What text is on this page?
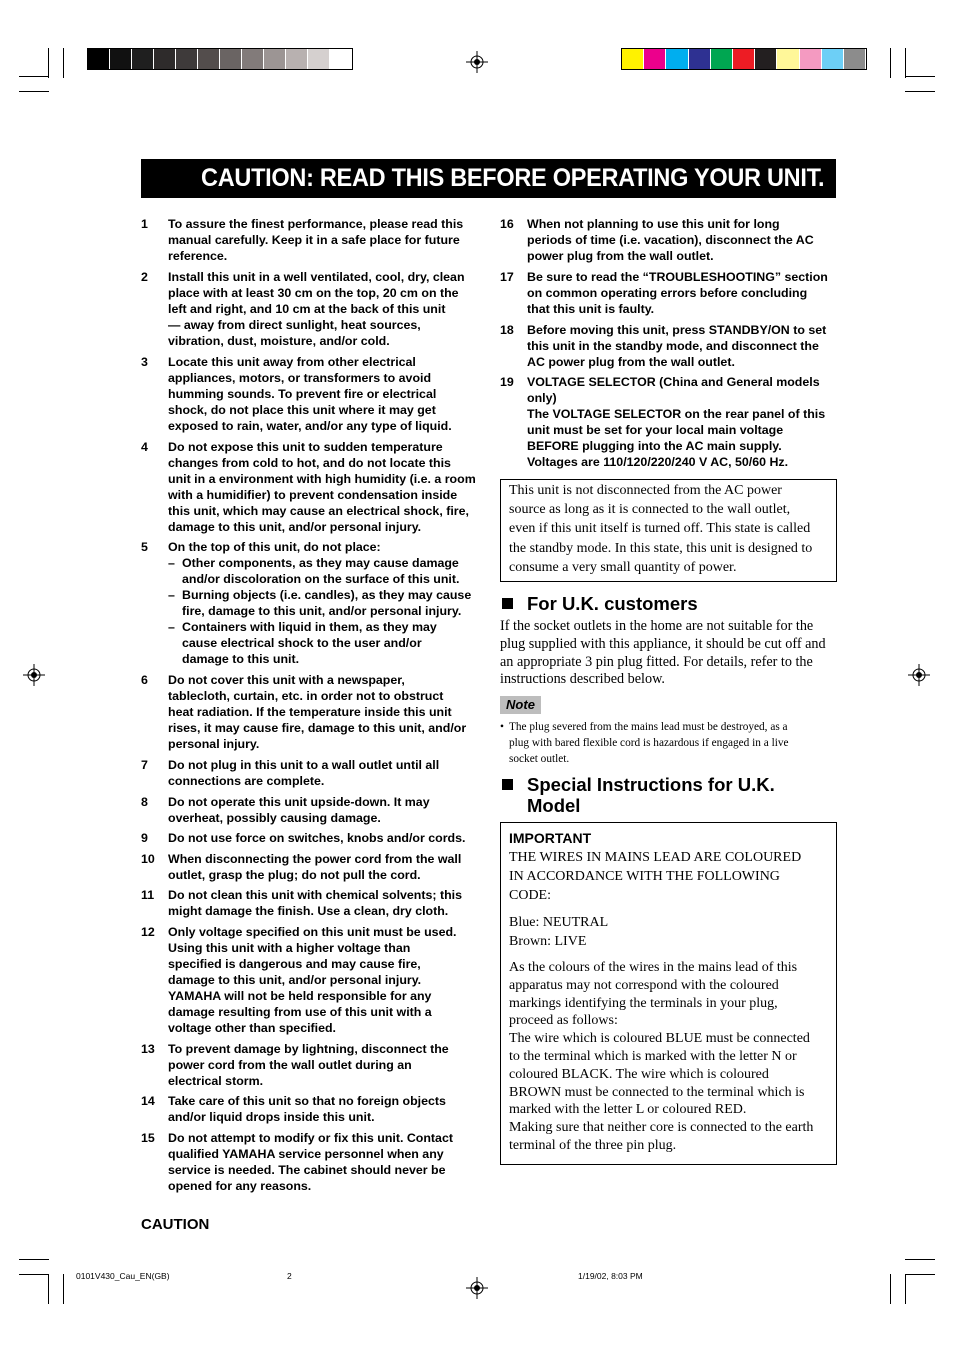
CAUTION: READ THIS BEFORE OPERATING YOUR UNIT.
1 To assure the finest performance, please read this
manual carefully. Keep it in a safe place for future
reference.
2 Install this unit in a well ventilated, cool, dry, clean
place with at least 30 cm on the top, 20 cm on the
left and right, and 10 cm at the back of this unit
— away from direct sunlight, heat sources,
vibration, dust, moisture, and/or cold.
3 Locate this unit away from other electrical
appliances, motors, or transformers to avoid
humming sounds. To prevent fire or electrical
shock, do not place this unit where it may get
exposed to rain, water, and/or any type of liquid.
4 Do not expose this unit to sudden temperature
changes from cold to hot, and do not locate this
unit in a environment with high humidity (i.e. a room
with a humidifier) to prevent condensation inside
this unit, which may cause an electrical shock, fire,
damage to this unit, and/or personal injury.
5 On the top of this unit, do not place:
– Other components, as they may cause damage
and/or discoloration on the surface of this unit.
– Burning objects (i.e. candles), as they may cause
fire, damage to this unit, and/or personal injury.
– Containers with liquid in them, as they may
cause electrical shock to the user and/or
damage to this unit.
6 Do not cover this unit with a newspaper,
tablecloth, curtain, etc. in order not to obstruct
heat radiation. If the temperature inside this unit
rises, it may cause fire, damage to this unit, and/or
personal injury.
7 Do not plug in this unit to a wall outlet until all
connections are complete.
8 Do not operate this unit upside-down. It may
overheat, possibly causing damage.
9 Do not use force on switches, knobs and/or cords.
10 When disconnecting the power cord from the wall
outlet, grasp the plug; do not pull the cord.
11 Do not clean this unit with chemical solvents; this
might damage the finish. Use a clean, dry cloth.
12 Only voltage specified on this unit must be used.
Using this unit with a higher voltage than
specified is dangerous and may cause fire,
damage to this unit, and/or personal injury.
YAMAHA will not be held responsible for any
damage resulting from use of this unit with a
voltage other than specified.
13 To prevent damage by lightning, disconnect the
power cord from the wall outlet during an
electrical storm.
14 Take care of this unit so that no foreign objects
and/or liquid drops inside this unit.
15 Do not attempt to modify or fix this unit. Contact
qualified YAMAHA service personnel when any
service is needed. The cabinet should never be
opened for any reasons.
16 When not planning to use this unit for long
periods of time (i.e. vacation), disconnect the AC
power plug from the wall outlet.
17 Be sure to read the “TROUBLESHOOTING” section
on common operating errors before concluding
that this unit is faulty.
18 Before moving this unit, press STANDBY/ON to set
this unit in the standby mode, and disconnect the
AC power plug from the wall outlet.
19 VOLTAGE SELECTOR (China and General models
only)
The VOLTAGE SELECTOR on the rear panel of this
unit must be set for your local main voltage
BEFORE plugging into the AC main supply.
Voltages are 110/120/220/240 V AC, 50/60 Hz.
This unit is not disconnected from the AC power
source as long as it is connected to the wall outlet,
even if this unit itself is turned off. This state is called
the standby mode. In this state, this unit is designed to
consume a very small quantity of power.
For U.K. customers
If the socket outlets in the home are not suitable for the
plug supplied with this appliance, it should be cut off and
an appropriate 3 pin plug fitted. For details, refer to the
instructions described below.
Note
• The plug severed from the mains lead must be destroyed, as a
plug with bared flexible cord is hazardous if engaged in a live
socket outlet.
Special Instructions for U.K.
Model
IMPORTANT
THE WIRES IN MAINS LEAD ARE COLOURED
IN ACCORDANCE WITH THE FOLLOWING
CODE:
Blue: NEUTRAL
Brown: LIVE
As the colours of the wires in the mains lead of this
apparatus may not correspond with the coloured
markings identifying the terminals in your plug,
proceed as follows:
The wire which is coloured BLUE must be connected
to the terminal which is marked with the letter N or
coloured BLACK. The wire which is coloured
BROWN must be connected to the terminal which is
marked with the letter L or coloured RED.
Making sure that neither core is connected to the earth
terminal of the three pin plug.
CAUTION
0101V430_Cau_EN(GB)	2	1/19/02, 8:03 PM
